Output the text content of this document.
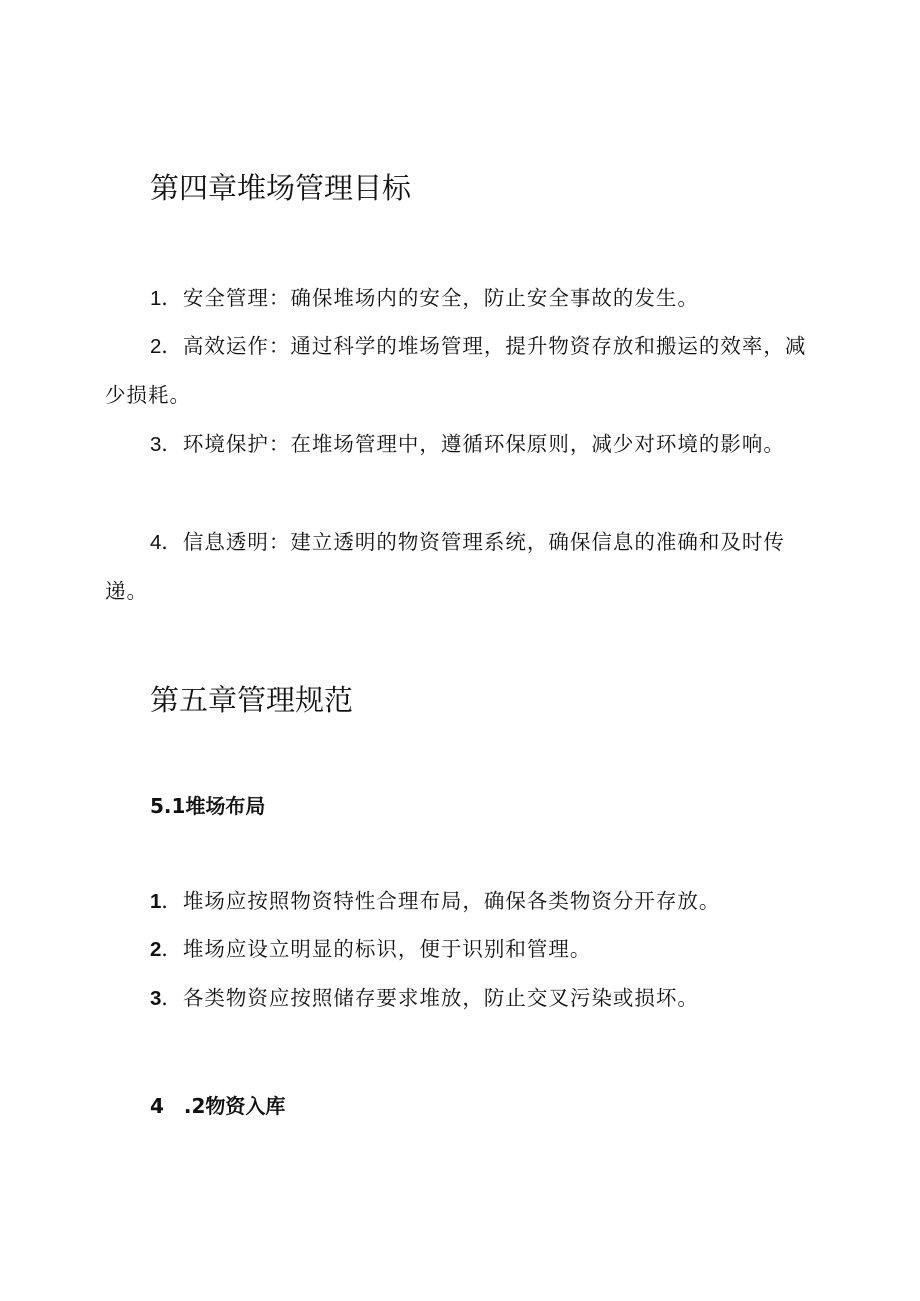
第四章堆场管理目标

1．安全管理：确保堆场内的安全，防止安全事故的发生。

2．高效运作：通过科学的堆场管理，提升物资存放和搬运的效率，减少损耗。

3．环境保护：在堆场管理中，遵循环保原则，减少对环境的影响。

4．信息透明：建立透明的物资管理系统，确保信息的准确和及时传递。

第五章管理规范
5.1堆场布局

1．堆场应按照物资特性合理布局，确保各类物资分开存放。

2．堆场应设立明显的标识，便于识别和管理。

3．各类物资应按照储存要求堆放，防止交叉污染或损坏。

4　.2物资入库
